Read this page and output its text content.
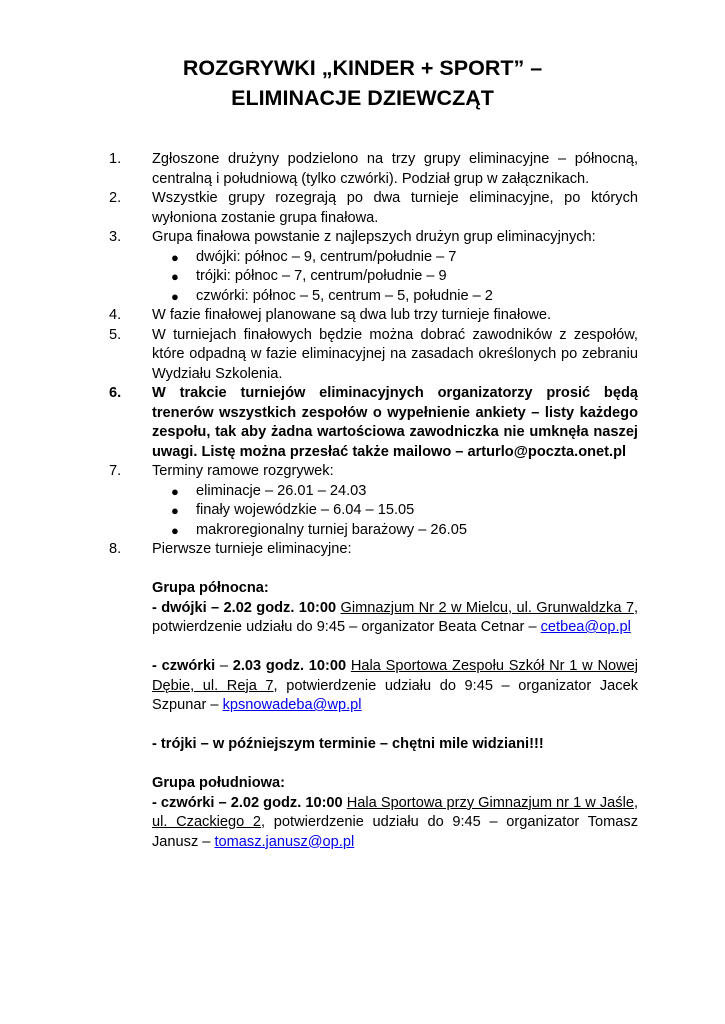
ROZGRYWKI „KINDER + SPORT” –
ELIMINACJE DZIEWCZĄT
1. Zgłoszone drużyny podzielono na trzy grupy eliminacyjne – północną, centralną i południową (tylko czwórki). Podział grup w załącznikach.
2. Wszystkie grupy rozegrają po dwa turnieje eliminacyjne, po których wyłoniona zostanie grupa finałowa.
3. Grupa finałowa powstanie z najlepszych drużyn grup eliminacyjnych:
● dwójki: północ – 9, centrum/południe – 7
● trójki: północ – 7, centrum/południe – 9
● czwórki: północ – 5, centrum – 5, południe – 2
4. W fazie finałowej planowane są dwa lub trzy turnieje finałowe.
5. W turniejach finałowych będzie można dobrać zawodników z zespołów, które odpadną w fazie eliminacyjnej na zasadach określonych po zebraniu Wydziału Szkolenia.
6. W trakcie turniejów eliminacyjnych organizatorzy prosić będą trenerów wszystkich zespołów o wypełnienie ankiety – listy każdego zespołu, tak aby żadna wartościowa zawodniczka nie umknęła naszej uwagi. Listę można przesłać także mailowo – arturlo@poczta.onet.pl
7. Terminy ramowe rozgrywek:
● eliminacje – 26.01 – 24.03
● finały wojewódzkie – 6.04 – 15.05
● makroregionalny turniej barażowy – 26.05
8. Pierwsze turnieje eliminacyjne:
Grupa północna:
- dwójki – 2.02 godz. 10:00 Gimnazjum Nr 2 w Mielcu, ul. Grunwaldzka 7, potwierdzenie udziału do 9:45 – organizator Beata Cetnar – cetbea@op.pl
- czwórki – 2.03 godz. 10:00 Hala Sportowa Zespołu Szkół Nr 1 w Nowej Dębie, ul. Reja 7, potwierdzenie udziału do 9:45 – organizator Jacek Szpunar – kpsnowadeba@wp.pl
- trójki – w późniejszym terminie – chętni mile widziani!!!
Grupa południowa:
- czwórki – 2.02 godz. 10:00 Hala Sportowa przy Gimnazjum nr 1 w Jaśle, ul. Czackiego 2, potwierdzenie udziału do 9:45 – organizator Tomasz Janusz – tomasz.janusz@op.pl
